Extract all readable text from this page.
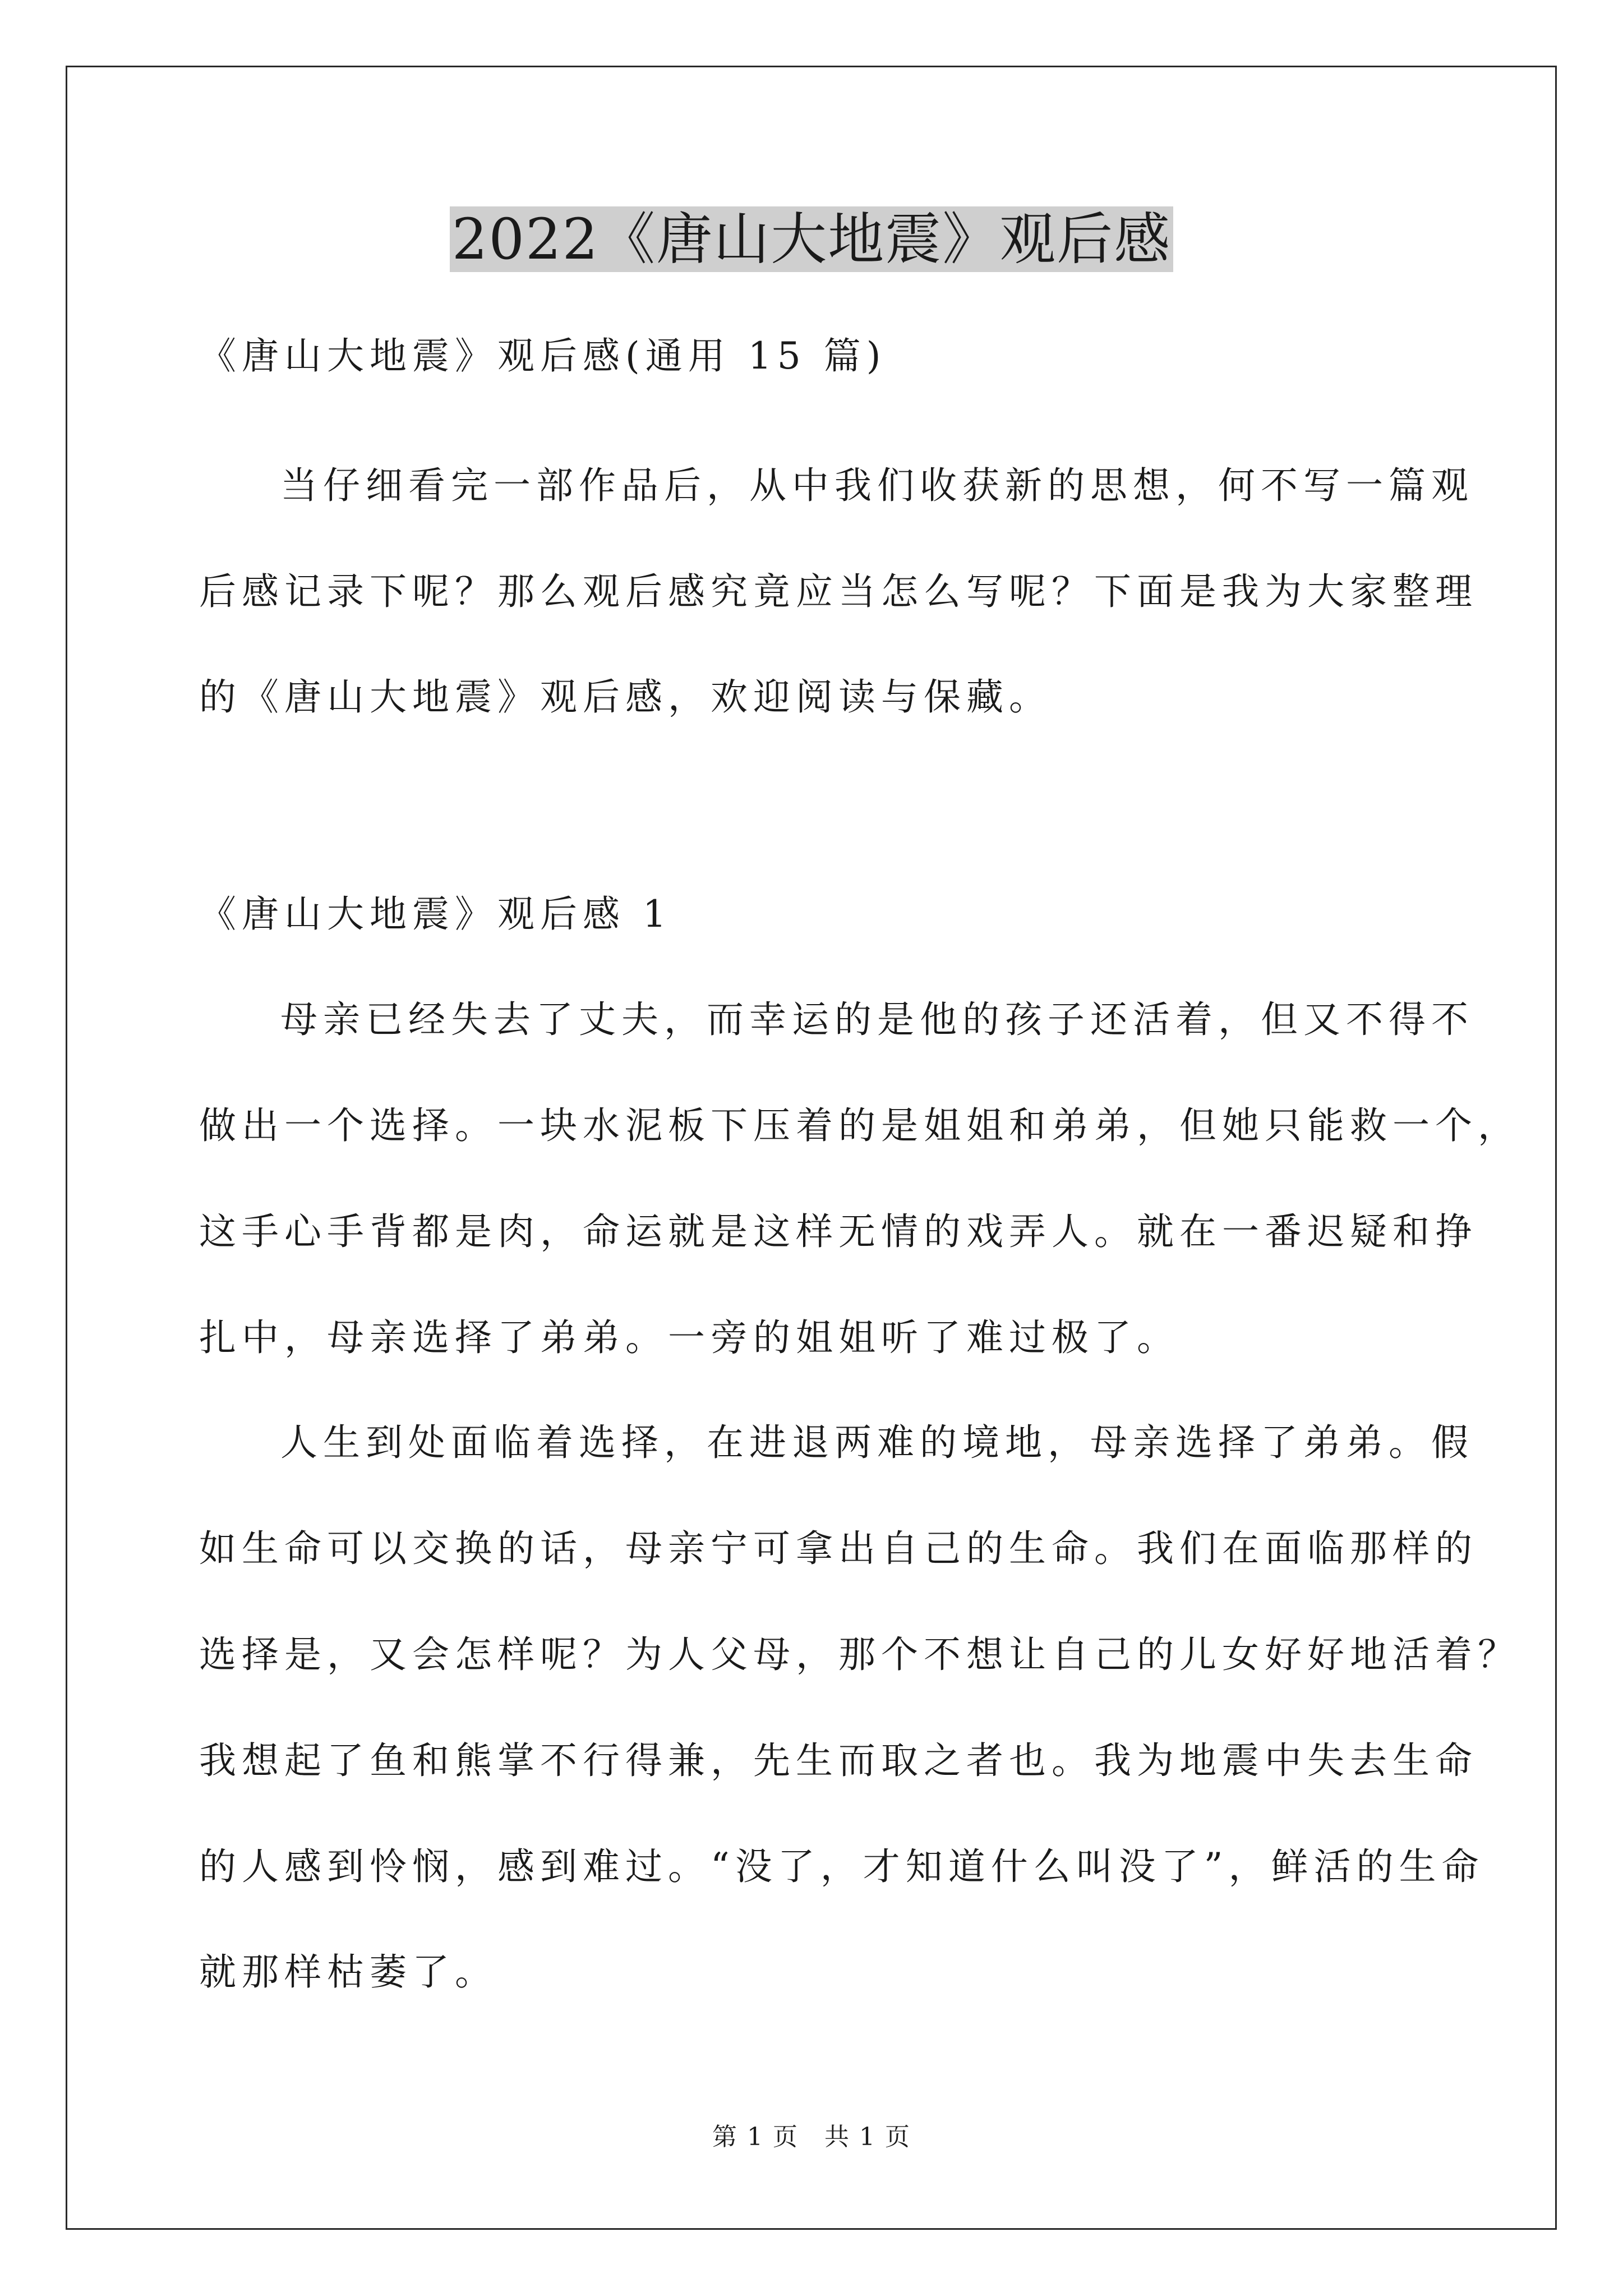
2022《唐山大地震》观后感

《唐山大地震》观后感(通用 15 篇)

当仔细看完一部作品后，从中我们收获新的思想，何不写一篇观

后感记录下呢？那么观后感究竟应当怎么写呢？下面是我为大家整理

的《唐山大地震》观后感，欢迎阅读与保藏。

《唐山大地震》观后感 1

母亲已经失去了丈夫，而幸运的是他的孩子还活着，但又不得不

做出一个选择。一块水泥板下压着的是姐姐和弟弟，但她只能救一个，

这手心手背都是肉，命运就是这样无情的戏弄人。就在一番迟疑和挣

扎中，母亲选择了弟弟。一旁的姐姐听了难过极了。

人生到处面临着选择，在进退两难的境地，母亲选择了弟弟。假

如生命可以交换的话，母亲宁可拿出自己的生命。我们在面临那样的

选择是，又会怎样呢？为人父母，那个不想让自己的儿女好好地活着？

我想起了鱼和熊掌不行得兼，先生而取之者也。我为地震中失去生命

的人感到怜悯，感到难过。“没了，才知道什么叫没了”，鲜活的生命

就那样枯萎了。

第 1 页　共 1 页
